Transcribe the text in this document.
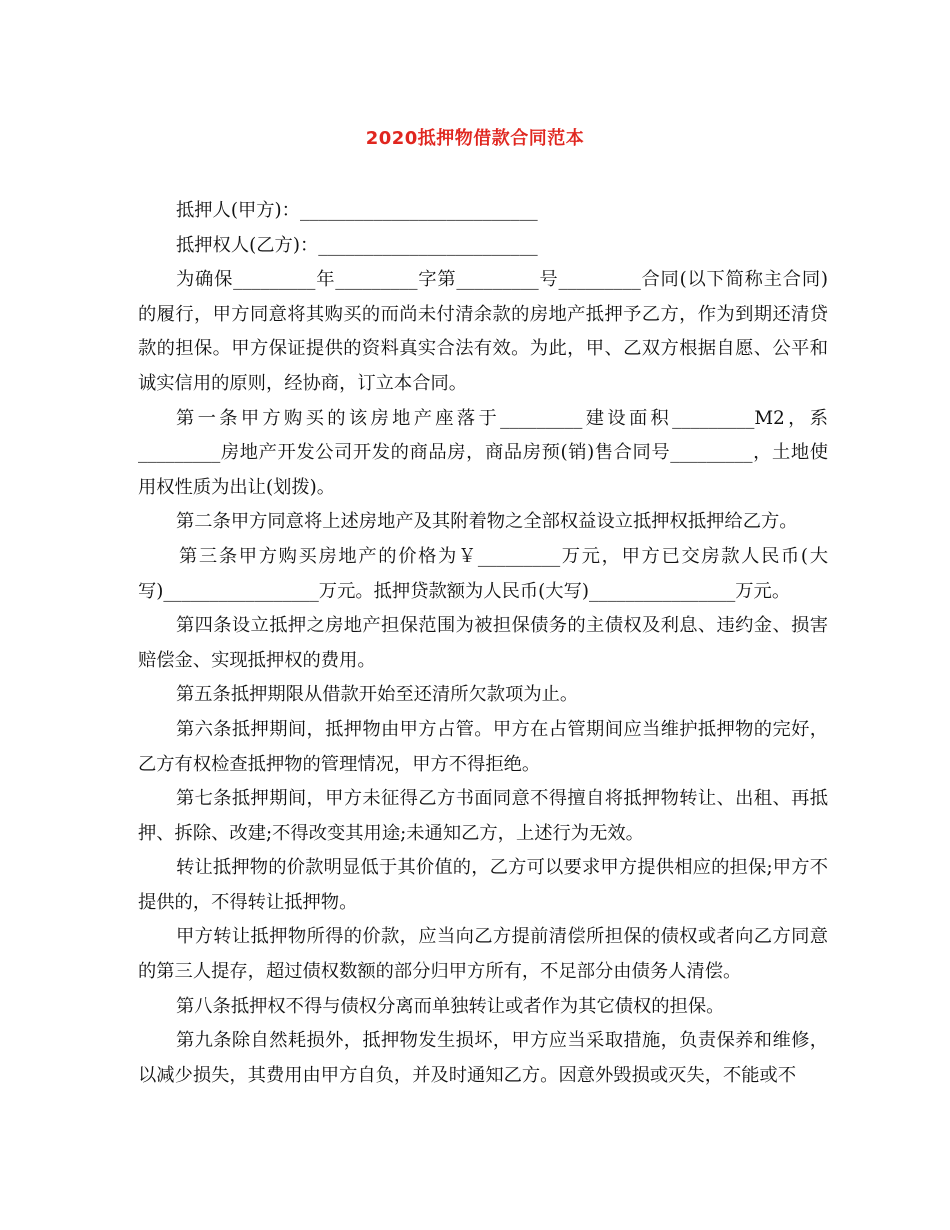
2020抵押物借款合同范本

抵押人(甲方)：__________________________

抵押权人(乙方)：________________________

为确保_________年_________字第_________号_________合同(以下简称主合同)的履行，甲方同意将其购买的而尚未付清余款的房地产抵押予乙方，作为到期还清贷款的担保。甲方保证提供的资料真实合法有效。为此，甲、乙双方根据自愿、公平和诚实信用的原则，经协商，订立本合同。

第一条甲方购买的该房地产座落于_________建设面积_________M2，系_________房地产开发公司开发的商品房，商品房预(销)售合同号_________，土地使用权性质为出让(划拨)。

第二条甲方同意将上述房地产及其附着物之全部权益设立抵押权抵押给乙方。

第三条甲方购买房地产的价格为￥_________万元，甲方已交房款人民币(大写)_________________万元。抵押贷款额为人民币(大写)________________万元。

第四条设立抵押之房地产担保范围为被担保债务的主债权及利息、违约金、损害赔偿金、实现抵押权的费用。

第五条抵押期限从借款开始至还清所欠款项为止。

第六条抵押期间，抵押物由甲方占管。甲方在占管期间应当维护抵押物的完好，乙方有权检查抵押物的管理情况，甲方不得拒绝。

第七条抵押期间，甲方未征得乙方书面同意不得擅自将抵押物转让、出租、再抵押、拆除、改建;不得改变其用途;未通知乙方，上述行为无效。

转让抵押物的价款明显低于其价值的，乙方可以要求甲方提供相应的担保;甲方不提供的，不得转让抵押物。

甲方转让抵押物所得的价款，应当向乙方提前清偿所担保的债权或者向乙方同意的第三人提存，超过债权数额的部分归甲方所有，不足部分由债务人清偿。

第八条抵押权不得与债权分离而单独转让或者作为其它债权的担保。

第九条除自然耗损外，抵押物发生损坏，甲方应当采取措施，负责保养和维修，以减少损失，其费用由甲方自负，并及时通知乙方。因意外毁损或灭失，不能或不
